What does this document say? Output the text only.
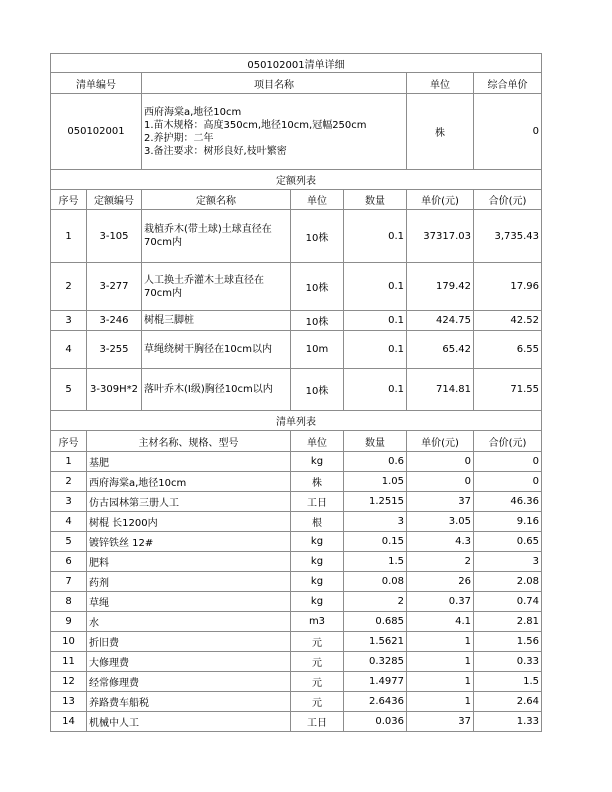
050102001清单详细						
清单编号		项目名称			单位	综合单价
050102001		西府海棠a,地径10cm
1.苗木规格：高度350cm,地径10cm,冠幅250cm
2.养护期：二年
3.备注要求：树形良好,枝叶繁密			株	0
定额列表						
序号	定额编号	定额名称	单位	数量	单价(元)	合价(元)
1	3-105	栽植乔木(带土球)土球直径在70cm内	10株	0.1	37317.03	3,735.43
2	3-277	人工换土乔灌木土球直径在70cm内	10株	0.1	179.42	17.96
3	3-246	树棍三脚桩	10株	0.1	424.75	42.52
4	3-255	草绳绕树干胸径在10cm以内	10m	0.1	65.42	6.55
5	3-309H*2	落叶乔木(I级)胸径10cm以内	10株	0.1	714.81	71.55
清单列表						
序号	主材名称、规格、型号		单位	数量	单价(元)	合价(元)
1	基肥		kg	0.6	0	0
2	西府海棠a,地径10cm		株	1.05	0	0
3	仿古园林第三册人工		工日	1.2515	37	46.36
4	树棍 长1200内		根	3	3.05	9.16
5	镀锌铁丝 12#		kg	0.15	4.3	0.65
6	肥料		kg	1.5	2	3
7	药剂		kg	0.08	26	2.08
8	草绳		kg	2	0.37	0.74
9	水		m3	0.685	4.1	2.81
10	折旧费		元	1.5621	1	1.56
11	大修理费		元	0.3285	1	0.33
12	经常修理费		元	1.4977	1	1.5
13	养路费车船税		元	2.6436	1	2.64
14	机械中人工		工日	0.036	37	1.33
